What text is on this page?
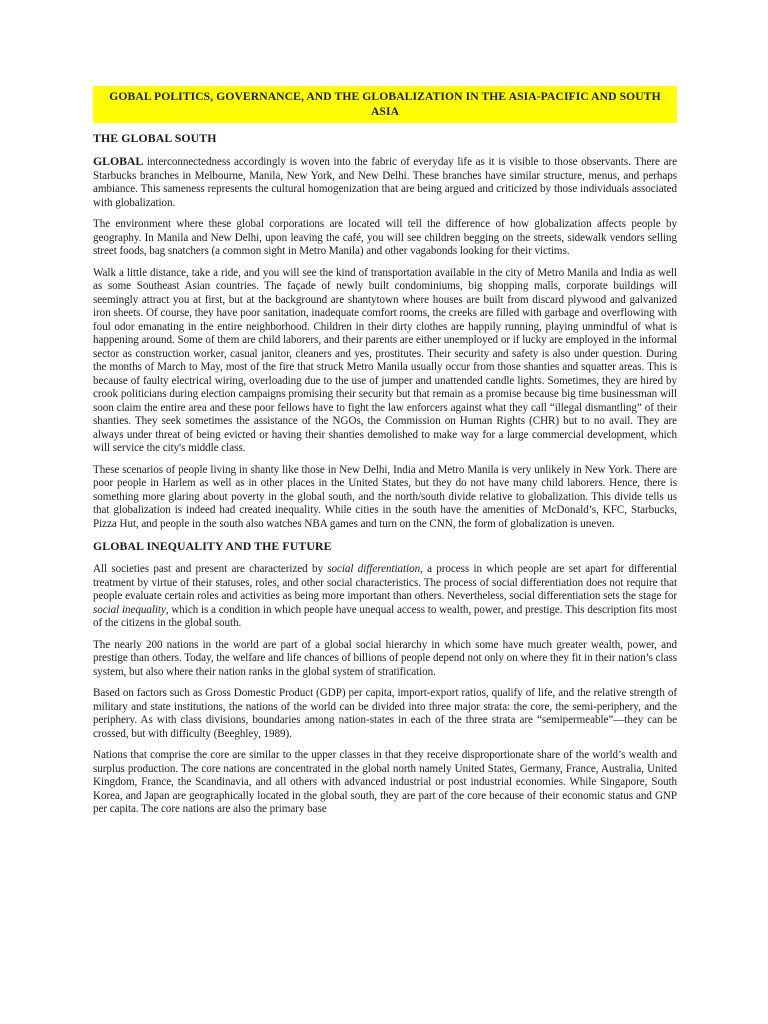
GOBAL POLITICS, GOVERNANCE, AND THE GLOBALIZATION IN THE ASIA-PACIFIC AND SOUTH ASIA
THE GLOBAL SOUTH

GLOBAL interconnectedness accordingly is woven into the fabric of everyday life as it is visible to those observants. There are Starbucks branches in Melbourne, Manila, New York, and New Delhi. These branches have similar structure, menus, and perhaps ambiance. This sameness represents the cultural homogenization that are being argued and criticized by those individuals associated with globalization.

The environment where these global corporations are located will tell the difference of how globalization affects people by geography. In Manila and New Delhi, upon leaving the café, you will see children begging on the streets, sidewalk vendors selling street foods, bag snatchers (a common sight in Metro Manila) and other vagabonds looking for their victims.

Walk a little distance, take a ride, and you will see the kind of transportation available in the city of Metro Manila and India as well as some Southeast Asian countries. The façade of newly built condominiums, big shopping malls, corporate buildings will seemingly attract you at first, but at the background are shantytown where houses are built from discard plywood and galvanized iron sheets. Of course, they have poor sanitation, inadequate comfort rooms, the creeks are filled with garbage and overflowing with foul odor emanating in the entire neighborhood. Children in their dirty clothes are happily running, playing unmindful of what is happening around. Some of them are child laborers, and their parents are either unemployed or if lucky are employed in the informal sector as construction worker, casual janitor, cleaners and yes, prostitutes. Their security and safety is also under question. During the months of March to May, most of the fire that struck Metro Manila usually occur from those shanties and squatter areas. This is because of faulty electrical wiring, overloading due to the use of jumper and unattended candle lights. Sometimes, they are hired by crook politicians during election campaigns promising their security but that remain as a promise because big time businessman will soon claim the entire area and these poor fellows have to fight the law enforcers against what they call “illegal dismantling” of their shanties. They seek sometimes the assistance of the NGOs, the Commission on Human Rights (CHR) but to no avail. They are always under threat of being evicted or having their shanties demolished to make way for a large commercial development, which will service the city's middle class.

These scenarios of people living in shanty like those in New Delhi, India and Metro Manila is very unlikely in New York. There are poor people in Harlem as well as in other places in the United States, but they do not have many child laborers. Hence, there is something more glaring about poverty in the global south, and the north/south divide relative to globalization. This divide tells us that globalization is indeed had created inequality. While cities in the south have the amenities of McDonald’s, KFC, Starbucks, Pizza Hut, and people in the south also watches NBA games and turn on the CNN, the form of globalization is uneven.

GLOBAL INEQUALITY AND THE FUTURE

All societies past and present are characterized by social differentiation, a process in which people are set apart for differential treatment by virtue of their statuses, roles, and other social characteristics. The process of social differentiation does not require that people evaluate certain roles and activities as being more important than others. Nevertheless, social differentiation sets the stage for social inequality, which is a condition in which people have unequal access to wealth, power, and prestige. This description fits most of the citizens in the global south.

The nearly 200 nations in the world are part of a global social hierarchy in which some have much greater wealth, power, and prestige than others. Today, the welfare and life chances of billions of people depend not only on where they fit in their nation’s class system, but also where their nation ranks in the global system of stratification.

Based on factors such as Gross Domestic Product (GDP) per capita, import-export ratios, qualify of life, and the relative strength of military and state institutions, the nations of the world can be divided into three major strata: the core, the semi-periphery, and the periphery. As with class divisions, boundaries among nation-states in each of the three strata are “semipermeable”—they can be crossed, but with difficulty (Beeghley, 1989).

Nations that comprise the core are similar to the upper classes in that they receive disproportionate share of the world’s wealth and surplus production. The core nations are concentrated in the global north namely United States, Germany, France, Australia, United Kingdom, France, the Scandinavia, and all others with advanced industrial or post industrial economies. While Singapore, South Korea, and Japan are geographically located in the global south, they are part of the core because of their economic status and GNP per capita. The core nations are also the primary base
